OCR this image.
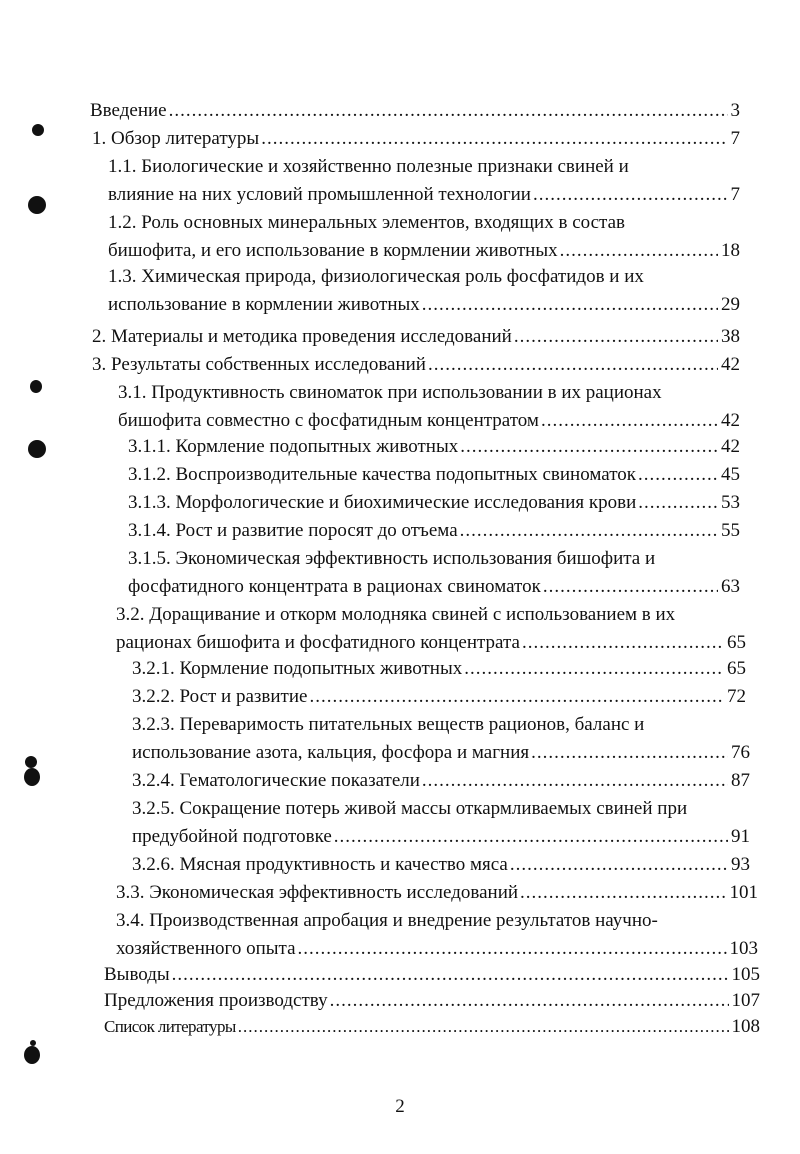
Введение .....	3
1. Обзор литературы .....	7
1.1. Биологические и хозяйственно полезные признаки свиней и
влияние на них условий промышленной технологии .....	7
1.2. Роль основных минеральных элементов, входящих в состав
бишофита, и его использование в кормлении животных .....	18
1.3. Химическая природа, физиологическая роль фосфатидов и их
использование в кормлении животных .....	29
2. Материалы и методика проведения исследований .....	38
3. Результаты собственных исследований .....	42
3.1. Продуктивность свиноматок при использовании в их рационах
бишофита совместно с фосфатидным концентратом .....	42
3.1.1. Кормление подопытных животных .....	42
3.1.2. Воспроизводительные качества подопытных свиноматок .....	45
3.1.3. Морфологические и биохимические исследования крови .....	53
3.1.4. Рост и развитие поросят до отъема .....	55
3.1.5. Экономическая эффективность использования бишофита и
фосфатидного концентрата в рационах свиноматок .....	63
3.2. Доращивание и откорм молодняка свиней с использованием в их
рационах бишофита и фосфатидного концентрата .....	65
3.2.1. Кормление подопытных животных .....	65
3.2.2. Рост и развитие .....	72
3.2.3. Переваримость питательных веществ рационов, баланс и
использование азота, кальция, фосфора и магния .....	76
3.2.4. Гематологические показатели .....	87
3.2.5. Сокращение потерь живой массы откармливаемых свиней при
предубойной подготовке .....	91
3.2.6. Мясная продуктивность и качество мяса .....	93
3.3. Экономическая эффективность исследований .....	101
3.4. Производственная апробация и внедрение результатов научно-
хозяйственного опыта .....	103
Выводы .....	105
Предложения производству .....	107
Список литературы .....	108
2
